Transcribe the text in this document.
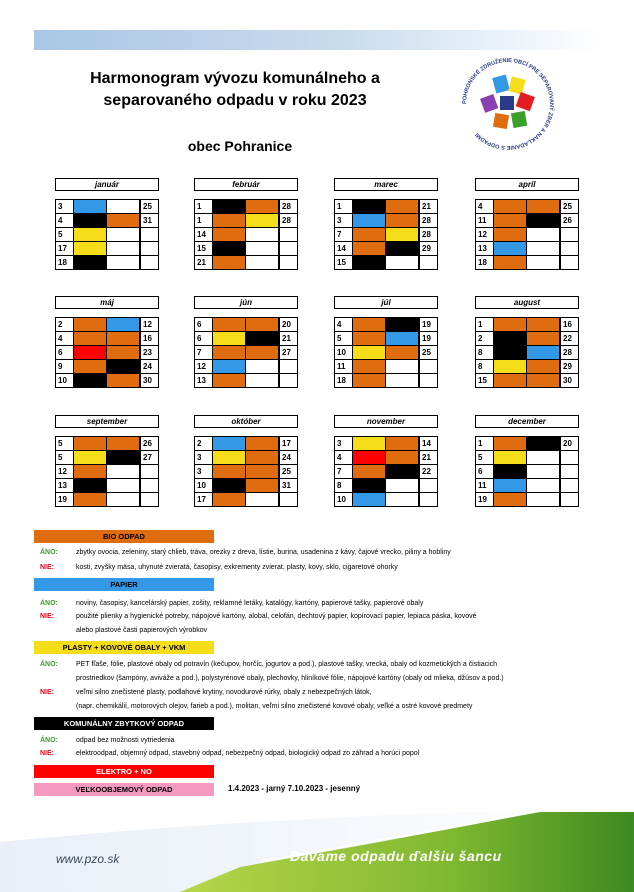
Harmonogram vývozu komunálneho a
separovaného odpadu v roku 2023
obec Pohranice
POHRONSKÉ ZDRUŽENIE OBCÍ PRE SEPAROVANÝ ZBER A NAKLADANIE S ODPADMI
január
3	25
4	31
5
17
18
február
1	28
1	28
14
15
21
marec
1	21
3	28
7	28
14	29
15
apríl
4	25
11	26
12
13
18
máj
2	12
4	16
6	23
9	24
10	30
jún
6	20
6	21
7	27
12
13
júl
4	19
5	19
10	25
11
18
august
1	16
2	22
8	28
8	29
15	30
september
5	26
5	27
12
13
19
október
2	17
3	24
3	25
10	31
17
november
3	14
4	21
7	22
8
10
december
1	20
5
6
11
19
BIO ODPAD
ÁNO:	zbytky ovocia, zeleniny, starý chlieb, tráva, orezky z dreva, lístie, burina, usadenina z kávy, čajové vrecko, piliny a hobliny
NIE:	kosti, zvyšky mäsa, uhynuté zvieratá, časopisy, exkrementy zvierat, plasty, kovy, sklo, cigaretové ohorky
PAPIER
ÁNO:	noviny, časopisy, kancelárský papier, zošity, reklamné letáky, katalógy, kartóny, papierové tašky, papierové obaly
NIE:	použité plienky a hygienické potreby, nápojové kartóny, alobal, celofán, dechtový papier, kopírovací papier, lepiaca páska, kovové
alebo plastové časti papierových výrobkov
PLASTY + KOVOVÉ OBALY + VKM
ÁNO:	PET fľaše, fólie, plastové obaly od potravín (kečupov, horčíc, jogurtov a pod.), plastové tašky, vrecká, obaly od kozmetických a čistiacich
prostriedkov (šampóny, aviváže a pod.), polystyrénové obaly, plechovky, hliníkové fólie, nápojové kartóny (obaly od mlieka, džúsov a pod.)
NIE:	veľmi silno znečistené plasty, podlahové krytiny, novodurové rúrky, obaly z nebezpečných látok,
(napr. chemikálií, motorových olejov, farieb a pod.), molitan, veľmi silno znečistené kovové obaly, veľké a ostré kovové predmety
KOMUNÁLNY ZBYTKOVÝ ODPAD
ÁNO:	odpad bez možnosti vytriedenia
NIE:	elektroodpad, objemný odpad, stavebný odpad, nebezpečný odpad, biologický odpad zo záhrad a horúci popol
ELEKTRO + NO
VEĽKOOBJEMOVÝ ODPAD	1.4.2023 - jarný 7.10.2023 - jesenný
www.pzo.sk	Dávame odpadu ďalšiu šancu
